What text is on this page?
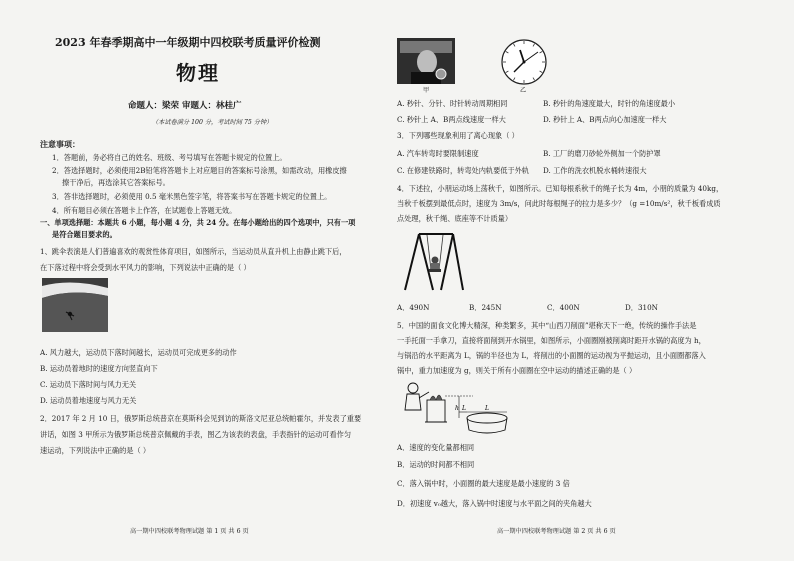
2023 年春季期高中一年级期中四校联考质量评价检测
物理
命题人：梁荣 审题人：林桂广
（本试卷满分 100 分，考试时间 75 分钟）
注意事项：
1．答题前，务必将自己的姓名、班级、考号填写在答题卡规定的位置上。
2．答选择题时，必须使用2B铅笔将答题卡上对应题目的答案标号涂黑，如需改动，用橡皮擦
擦干净后，再选涂其它答案标号。
3．答非选择题时，必须使用 0.5 毫米黑色签字笔，将答案书写在答题卡规定的位置上。
4．所有题目必须在答题卡上作答，在试题卷上答题无效。
一、单项选择题：本题共 6 小题，每小题 4 分，共 24 分。在每小题给出的四个选项中，只有一项
是符合题目要求的。
1、跳伞表演是人们普遍喜欢的观赏性体育项目，如图所示，当运动员从直升机上由静止跳下后，
在下落过程中将会受到水平风力的影响，下列说法中正确的是（ ）
A. 风力越大，运动员下落时间越长，运动员可完成更多的动作
B. 运动员着地时的速度方向竖直向下
C. 运动员下落时间与风力无关
D. 运动员着地速度与风力无关
2．2017 年 2 月 10 日，俄罗斯总统普京在莫斯科会见到访的斯洛文尼亚总统帕霍尔，并发表了重要
讲话，如图 3 甲所示为俄罗斯总统普京佩戴的手表，图乙为该表的表盘，手表指针的运动可看作匀
速运动，下列说法中正确的是（ ）
高一期中四校联考物理试题 第 1 页 共 6 页
甲	乙
A. 秒针、分针、时针转动周期相同	B. 秒针的角速度最大，时针的角速度最小
C. 秒针上 A、B两点线速度一样大	D. 秒针上 A、B两点向心加速度一样大
3．下列哪些现象利用了离心现象（ ）
A. 汽车转弯时要限制速度	B. 工厂的磨刀砂轮外侧加一个防护罩
C. 在修建铁路时，转弯处内轨要低于外轨 D. 工作的洗衣机脱水桶转速很大
4．下述拉，小朋运动场上荡秋千，如图所示。已知每根系秋千的绳子长为 4m，小朋的质量为 40kg，
当秋千板摆到最低点时，速度为 3m/s，问此时每根绳子的拉力是多少？（g =10m/s²，秋千板看成质
点处理，秋千绳、底座等不计质量）
A．490N	B．245N	C．400N	D．310N
5．中国的面食文化博大精深，种类繁多，其中“山西刀削面”堪称天下一绝，传统的操作手法是
一手托面一手拿刀，直接将面削到开水锅里，如图所示，小面圈刚被削离时距开水锅的高度为 h，
与锅沿的水平距离为 L，锅的半径也为 L，将削出的小面圈的运动视为平抛运动，且小面圈都落入
锅中，重力加速度为 g，则关于所有小面圈在空中运动的描述正确的是（ ）
h L	L
A．速度的变化量都相同
B．运动的时间都不相同
C．落入锅中时，小面圈的最大速度是最小速度的 3 倍
D．初速度 v₀越大，落入锅中时速度与水平面之间的夹角越大
高一期中四校联考物理试题 第 2 页 共 6 页
